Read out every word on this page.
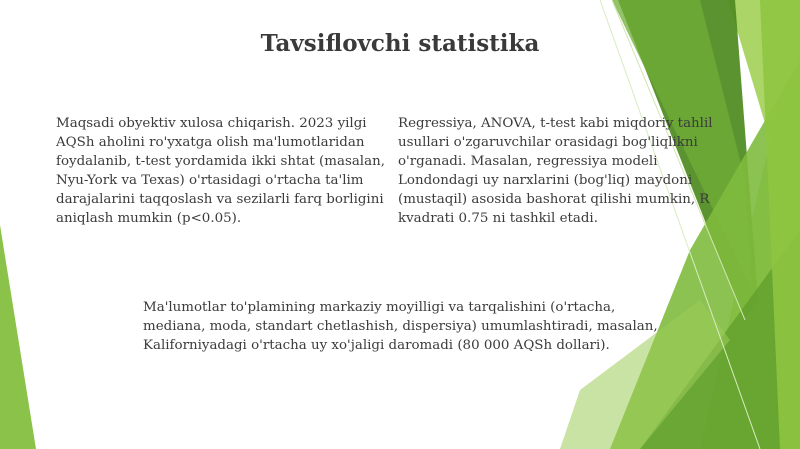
Tavsiflovchi statistika

Maqsadi obyektiv xulosa chiqarish. 2023 yilgi AQSh aholini ro'yxatga olish ma'lumotlaridan foydalanib, t-test yordamida ikki shtat (masalan, Nyu-York va Texas) o'rtasidagi o'rtacha ta'lim darajalarini taqqoslash va sezilarli farq borligini aniqlash mumkin (p<0.05).

Regressiya, ANOVA, t-test kabi miqdoriy tahlil usullari o'zgaruvchilar orasidagi bog'liqlikni o'rganadi. Masalan, regressiya modeli Londondagi uy narxlarini (bog'liq) maydoni (mustaqil) asosida bashorat qilishi mumkin, R kvadrati 0.75 ni tashkil etadi.

Ma'lumotlar to'plamining markaziy moyilligi va tarqalishini (o'rtacha, mediana, moda, standart chetlashish, dispersiya) umumlashtiradi, masalan, Kaliforniyadagi o'rtacha uy xo'jaligi daromadi (80 000 AQSh dollari).
